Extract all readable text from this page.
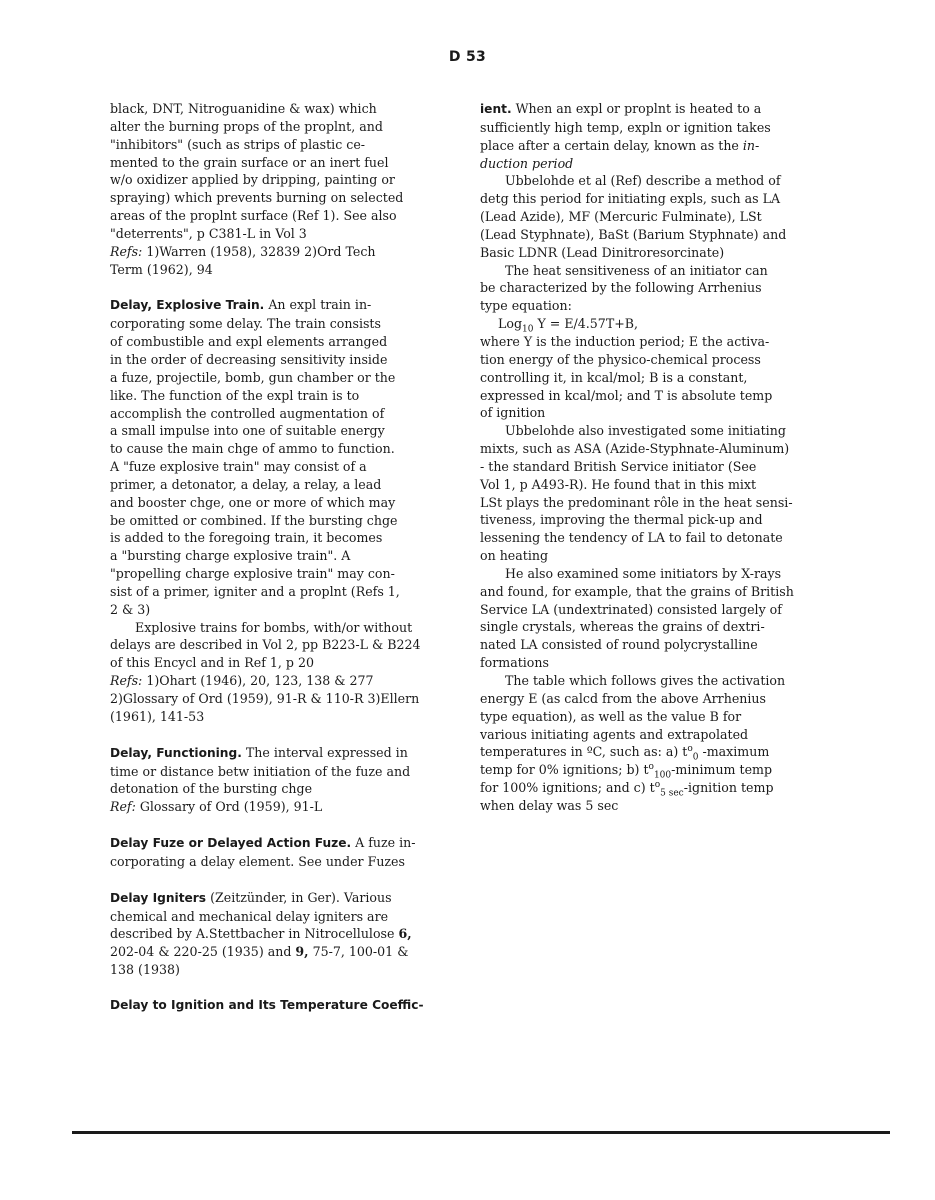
D 53
black, DNT, Nitroguanidine & wax) which
alter the burning props of the proplnt, and
"inhibitors" (such as strips of plastic ce-
mented to the grain surface or an inert fuel
w/o oxidizer applied by dripping, painting or
spraying) which prevents burning on selected
areas of the proplnt surface (Ref 1). See also
"deterrents", p C381-L in Vol 3
Refs: 1)Warren (1958), 32839 2)Ord Tech
Term (1962), 94
Delay, Explosive Train. An expl train in-
corporating some delay. The train consists
of combustible and expl elements arranged
in the order of decreasing sensitivity inside
a fuze, projectile, bomb, gun chamber or the
like. The function of the expl train is to
accomplish the controlled augmentation of
a small impulse into one of suitable energy
to cause the main chge of ammo to function.
A "fuze explosive train" may consist of a
primer, a detonator, a delay, a relay, a lead
and booster chge, one or more of which may
be omitted or combined. If the bursting chge
is added to the foregoing train, it becomes
a "bursting charge explosive train". A
"propelling charge explosive train" may con-
sist of a primer, igniter and a proplnt (Refs 1,
2 & 3)
Explosive trains for bombs, with/or without
delays are described in Vol 2, pp B223-L & B224
of this Encycl and in Ref 1, p 20
Refs: 1)Ohart (1946), 20, 123, 138 & 277
2)Glossary of Ord (1959), 91-R & 110-R 3)Ellern
(1961), 141-53
Delay, Functioning. The interval expressed in
time or distance betw initiation of the fuze and
detonation of the bursting chge
Ref: Glossary of Ord (1959), 91-L
Delay Fuze or Delayed Action Fuze. A fuze in-
corporating a delay element. See under Fuzes
Delay Igniters (Zeitzünder, in Ger). Various
chemical and mechanical delay igniters are
described by A.Stettbacher in Nitrocellulose 6,
202-04 & 220-25 (1935) and 9, 75-7, 100-01 &
138 (1938)
Delay to Ignition and Its Temperature Coeffic-
ient. When an expl or proplnt is heated to a
sufficiently high temp, expln or ignition takes
place after a certain delay, known as the in-
duction period
Ubbelohde et al (Ref) describe a method of
detg this period for initiating expls, such as LA
(Lead Azide), MF (Mercuric Fulminate), LSt
(Lead Styphnate), BaSt (Barium Styphnate) and
Basic LDNR (Lead Dinitroresorcinate)
The heat sensitiveness of an initiator can
be characterized by the following Arrhenius
type equation:
Log$_{10}$ Y = E/4.57T+B,
where Y is the induction period; E the activa-
tion energy of the physico-chemical process
controlling it, in kcal/mol; B is a constant,
expressed in kcal/mol; and T is absolute temp
of ignition
Ubbelohde also investigated some initiating
mixts, such as ASA (Azide-Styphnate-Aluminum)
- the standard British Service initiator (See
Vol 1, p A493-R). He found that in this mixt
LSt plays the predominant rôle in the heat sensi-
tiveness, improving the thermal pick-up and
lessening the tendency of LA to fail to detonate
on heating
He also examined some initiators by X-rays
and found, for example, that the grains of British
Service LA (undextrinated) consisted largely of
single crystals, whereas the grains of dextri-
nated LA consisted of round polycrystalline
formations
The table which follows gives the activation
energy E (as calcd from the above Arrhenius
type equation), as well as the value B for
various initiating agents and extrapolated
temperatures in ºC, such as: a) $t^o_0$ -maximum
temp for 0% ignitions; b) $t^o_{100}$-minimum temp
for 100% ignitions; and c) $t^o_{5 sec}$-ignition temp
when delay was 5 sec
